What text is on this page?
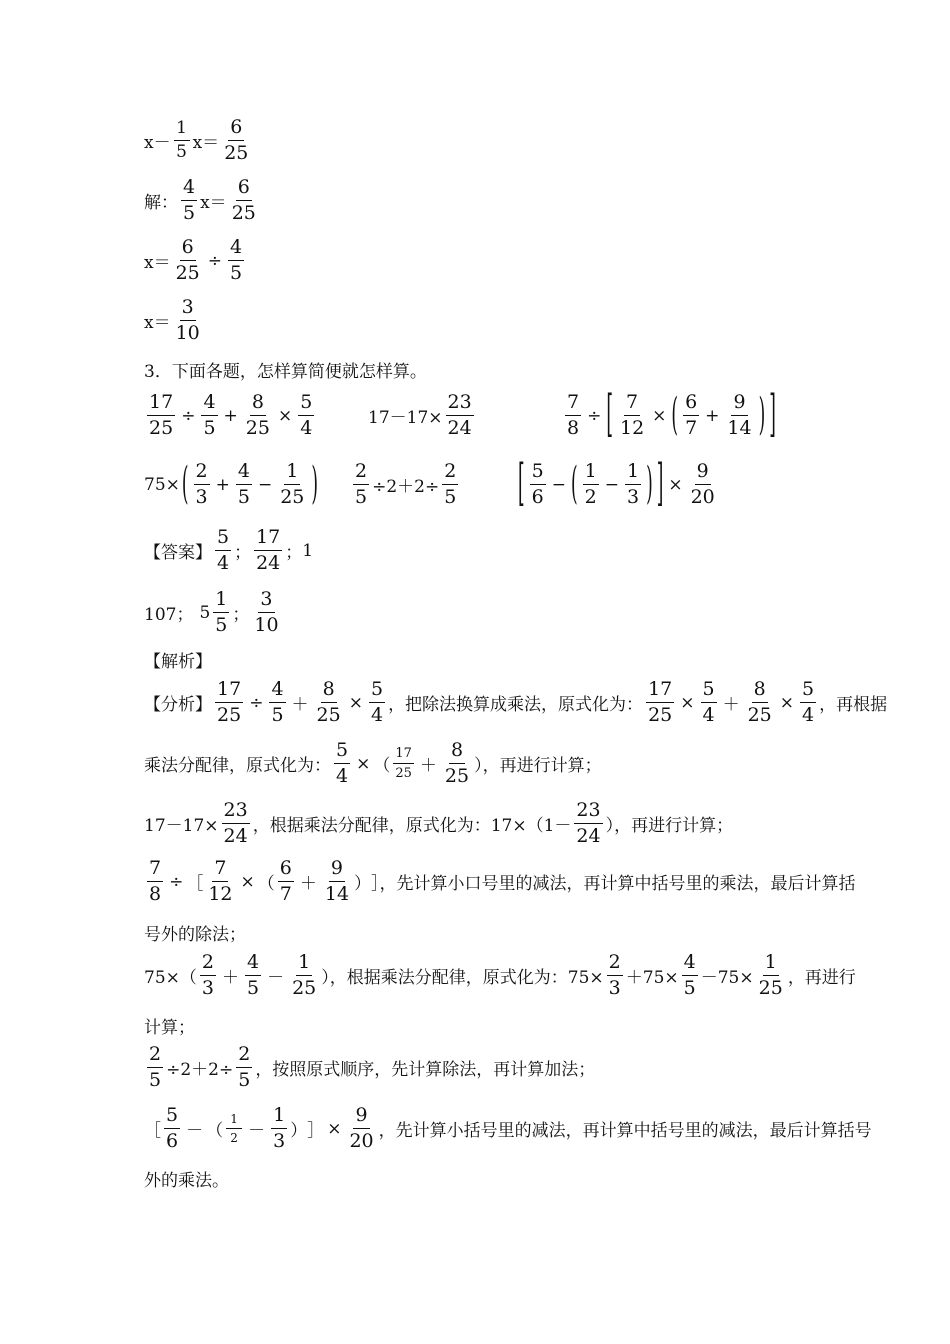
$x- \frac{1}{5} x= \frac{6}{25}$
解： $\frac{4}{5} x= \frac{6}{25}$
$x= \frac{6}{25} \div \frac{4}{5}$
$x= \frac{3}{10}$
3．下面各题，怎样算简便就怎样算。
$\frac{17}{25} \div \frac{4}{5} + \frac{8}{25} \times \frac{5}{4}$	$17-17\times \frac{23}{24}$	$\frac{7}{8}$ ÷ [ $\frac{7}{12}$ × ( $\frac{6}{7} + \frac{9}{14}$ ) ]
75× ( $\frac{2}{3} + \frac{4}{5} - \frac{1}{25}$ ) $\frac{2}{5} \div 2+2\div \frac{2}{5}$	[ $\frac{5}{6}$ − ( $\frac{1}{2} - \frac{1}{3}$ ) ] × $\frac{9}{20}$
【答案】 $\frac{5}{4}$ ； $\frac{17}{24}$ ； 1
107； $5 \frac{1}{5}$ ； $\frac{3}{10}$
【解析】
【分析】 $\frac{17}{25} \div \frac{4}{5} + \frac{8}{25} \times \frac{5}{4}$ ，把除法换算成乘法，原式化为： $\frac{17}{25} \times \frac{5}{4} + \frac{8}{25} \times \frac{5}{4}$ ，再根据
乘法分配律，原式化为： $\frac{5}{4}$ × （ $\frac{17}{25} + \frac{8}{25}$ ），再进行计算；
$17-17\times \frac{23}{24}$ ，根据乘法分配律，原式化为：$17\times(1- \frac{23}{24}$ ），再进行计算；
$\frac{7}{8}$ ÷ ［ $\frac{7}{12}$ × （ $\frac{6}{7} + \frac{9}{14}$ ） ］，先计算小口号里的减法，再计算中括号里的乘法，最后计算括
号外的除法；
$75\times( \frac{2}{3} + \frac{4}{5} - \frac{1}{25}$ ），根据乘法分配律，原式化为：$75\times \frac{2}{3} +75\times \frac{4}{5} -75\times \frac{1}{25}$ ，再进行
计算；
$\frac{2}{5} \div 2+2\div \frac{2}{5}$ ，按照原式顺序，先计算除法，再计算加法；
［ $\frac{5}{6}$ － （ $\frac{1}{2} - \frac{1}{3}$ ） ］ × $\frac{9}{20}$ ，先计算小括号里的减法，再计算中括号里的减法，最后计算括号
外的乘法。
